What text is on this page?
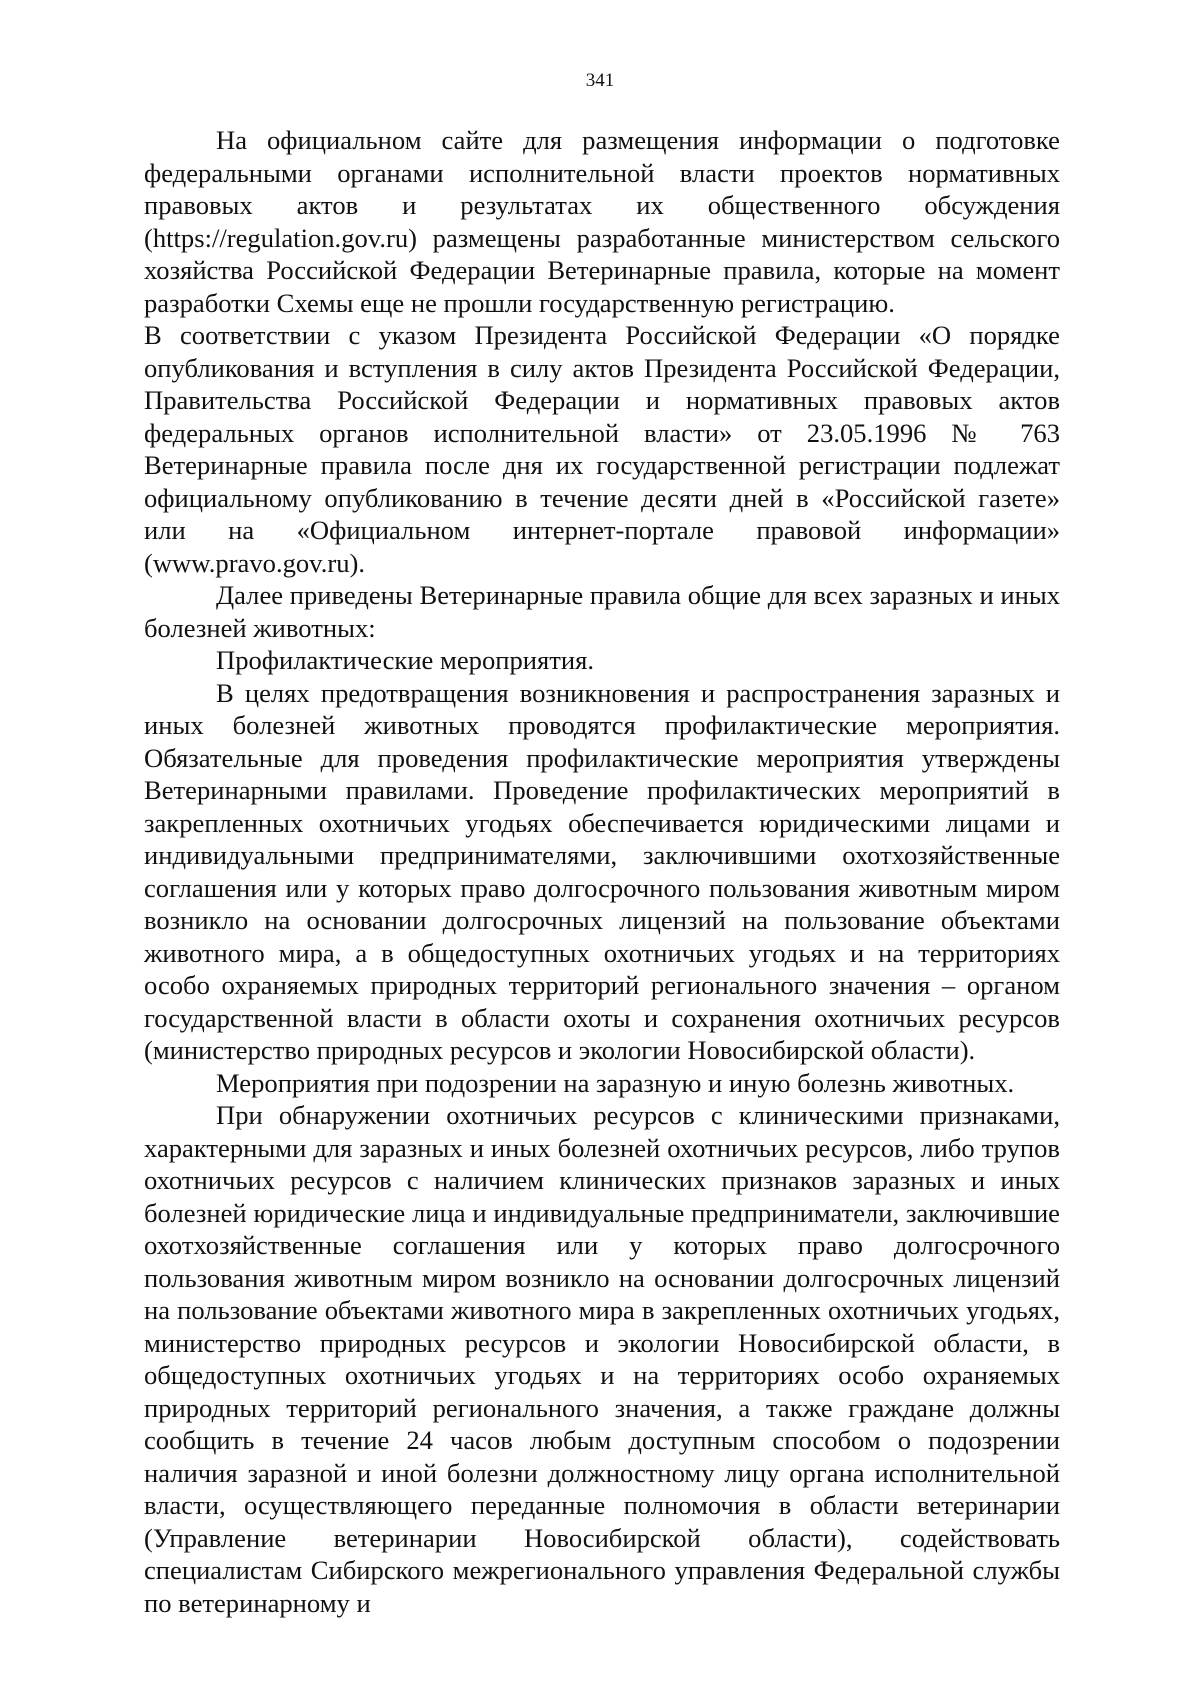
341

На официальном сайте для размещения информации о подготовке федеральными органами исполнительной власти проектов нормативных правовых актов и результатах их общественного обсуждения (https://regulation.gov.ru) размещены разработанные министерством сельского хозяйства Российской Федерации Ветеринарные правила, которые на момент разработки Схемы еще не прошли государственную регистрацию.

В соответствии с указом Президента Российской Федерации «О порядке опубликования и вступления в силу актов Президента Российской Федерации, Правительства Российской Федерации и нормативных правовых актов федеральных органов исполнительной власти» от 23.05.1996 № 763 Ветеринарные правила после дня их государственной регистрации подлежат официальному опубликованию в течение десяти дней в «Российской газете» или на «Официальном интернет-портале правовой информации» (www.pravo.gov.ru).

Далее приведены Ветеринарные правила общие для всех заразных и иных болезней животных:

Профилактические мероприятия.

В целях предотвращения возникновения и распространения заразных и иных болезней животных проводятся профилактические мероприятия. Обязательные для проведения профилактические мероприятия утверждены Ветеринарными правилами. Проведение профилактических мероприятий в закрепленных охотничьих угодьях обеспечивается юридическими лицами и индивидуальными предпринимателями, заключившими охотхозяйственные соглашения или у которых право долгосрочного пользования животным миром возникло на основании долгосрочных лицензий на пользование объектами животного мира, а в общедоступных охотничьих угодьях и на территориях особо охраняемых природных территорий регионального значения – органом государственной власти в области охоты и сохранения охотничьих ресурсов (министерство природных ресурсов и экологии Новосибирской области).

Мероприятия при подозрении на заразную и иную болезнь животных.

При обнаружении охотничьих ресурсов с клиническими признаками, характерными для заразных и иных болезней охотничьих ресурсов, либо трупов охотничьих ресурсов с наличием клинических признаков заразных и иных болезней юридические лица и индивидуальные предприниматели, заключившие охотхозяйственные соглашения или у которых право долгосрочного пользования животным миром возникло на основании долгосрочных лицензий на пользование объектами животного мира в закрепленных охотничьих угодьях, министерство природных ресурсов и экологии Новосибирской области, в общедоступных охотничьих угодьях и на территориях особо охраняемых природных территорий регионального значения, а также граждане должны сообщить в течение 24 часов любым доступным способом о подозрении наличия заразной и иной болезни должностному лицу органа исполнительной власти, осуществляющего переданные полномочия в области ветеринарии (Управление ветеринарии Новосибирской области), содействовать специалистам Сибирского межрегионального управления Федеральной службы по ветеринарному и
